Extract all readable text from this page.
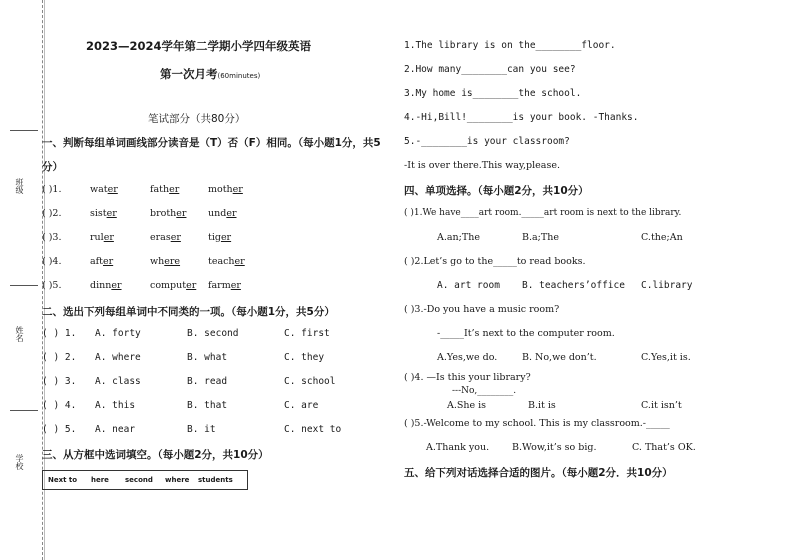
班级
姓名
学校
2023—2024学年第二学期小学四年级英语
第一次月考(60minutes)
笔试部分（共80分）
一、判断每组单词画线部分读音是（T）否（F）相同。（每小题1分，共5
分）
( )1.	water	father	mother
( )2.	sister	brother under
( )3.	ruler	eraser	tiger
( )4.	after	where	teacher
( )5.	dinner	computer farmer
二、选出下列每组单词中不同类的一项。（每小题1分，共5分）
( ) 1. A. forty	B. second	C. first
( ) 2. A. where	B. what	C. they
( ) 3. A. class	B. read	C. school
( ) 4. A. this	B. that	C. are
( ) 5. A. near	B. it	C. next to
三、从方框中选词填空。（每小题2分，共10分）
Next to here second where students
1.The library is on the________floor.
2.How many________can you see?
3.My home is________the school.
4.-Hi,Bill!________is your book. -Thanks.
5.-________is your classroom?
-It is over there.This way,please.
四、单项选择。（每小题2分，共10分）
( )1.We have____art room._____art room is next to the library.
A.an;The	B.a;The	C.the;An
( )2.Let’s go to the_____to read books.
A. art room B. teachers’office C.library
( )3.-Do you have a music room?
-_____It’s next to the computer room.
A.Yes,we do.	B. No,we don’t.	C.Yes,it is.
( )4. —Is this your library?
---No,________.
A.She is	B.it is	C.it isn’t
( )5.-Welcome to my school. This is my classroom.-_____
A.Thank you. B.Wow,it’s so big.	C. That’s OK.
五、给下列对话选择合适的图片。（每小题2分．共10分）
